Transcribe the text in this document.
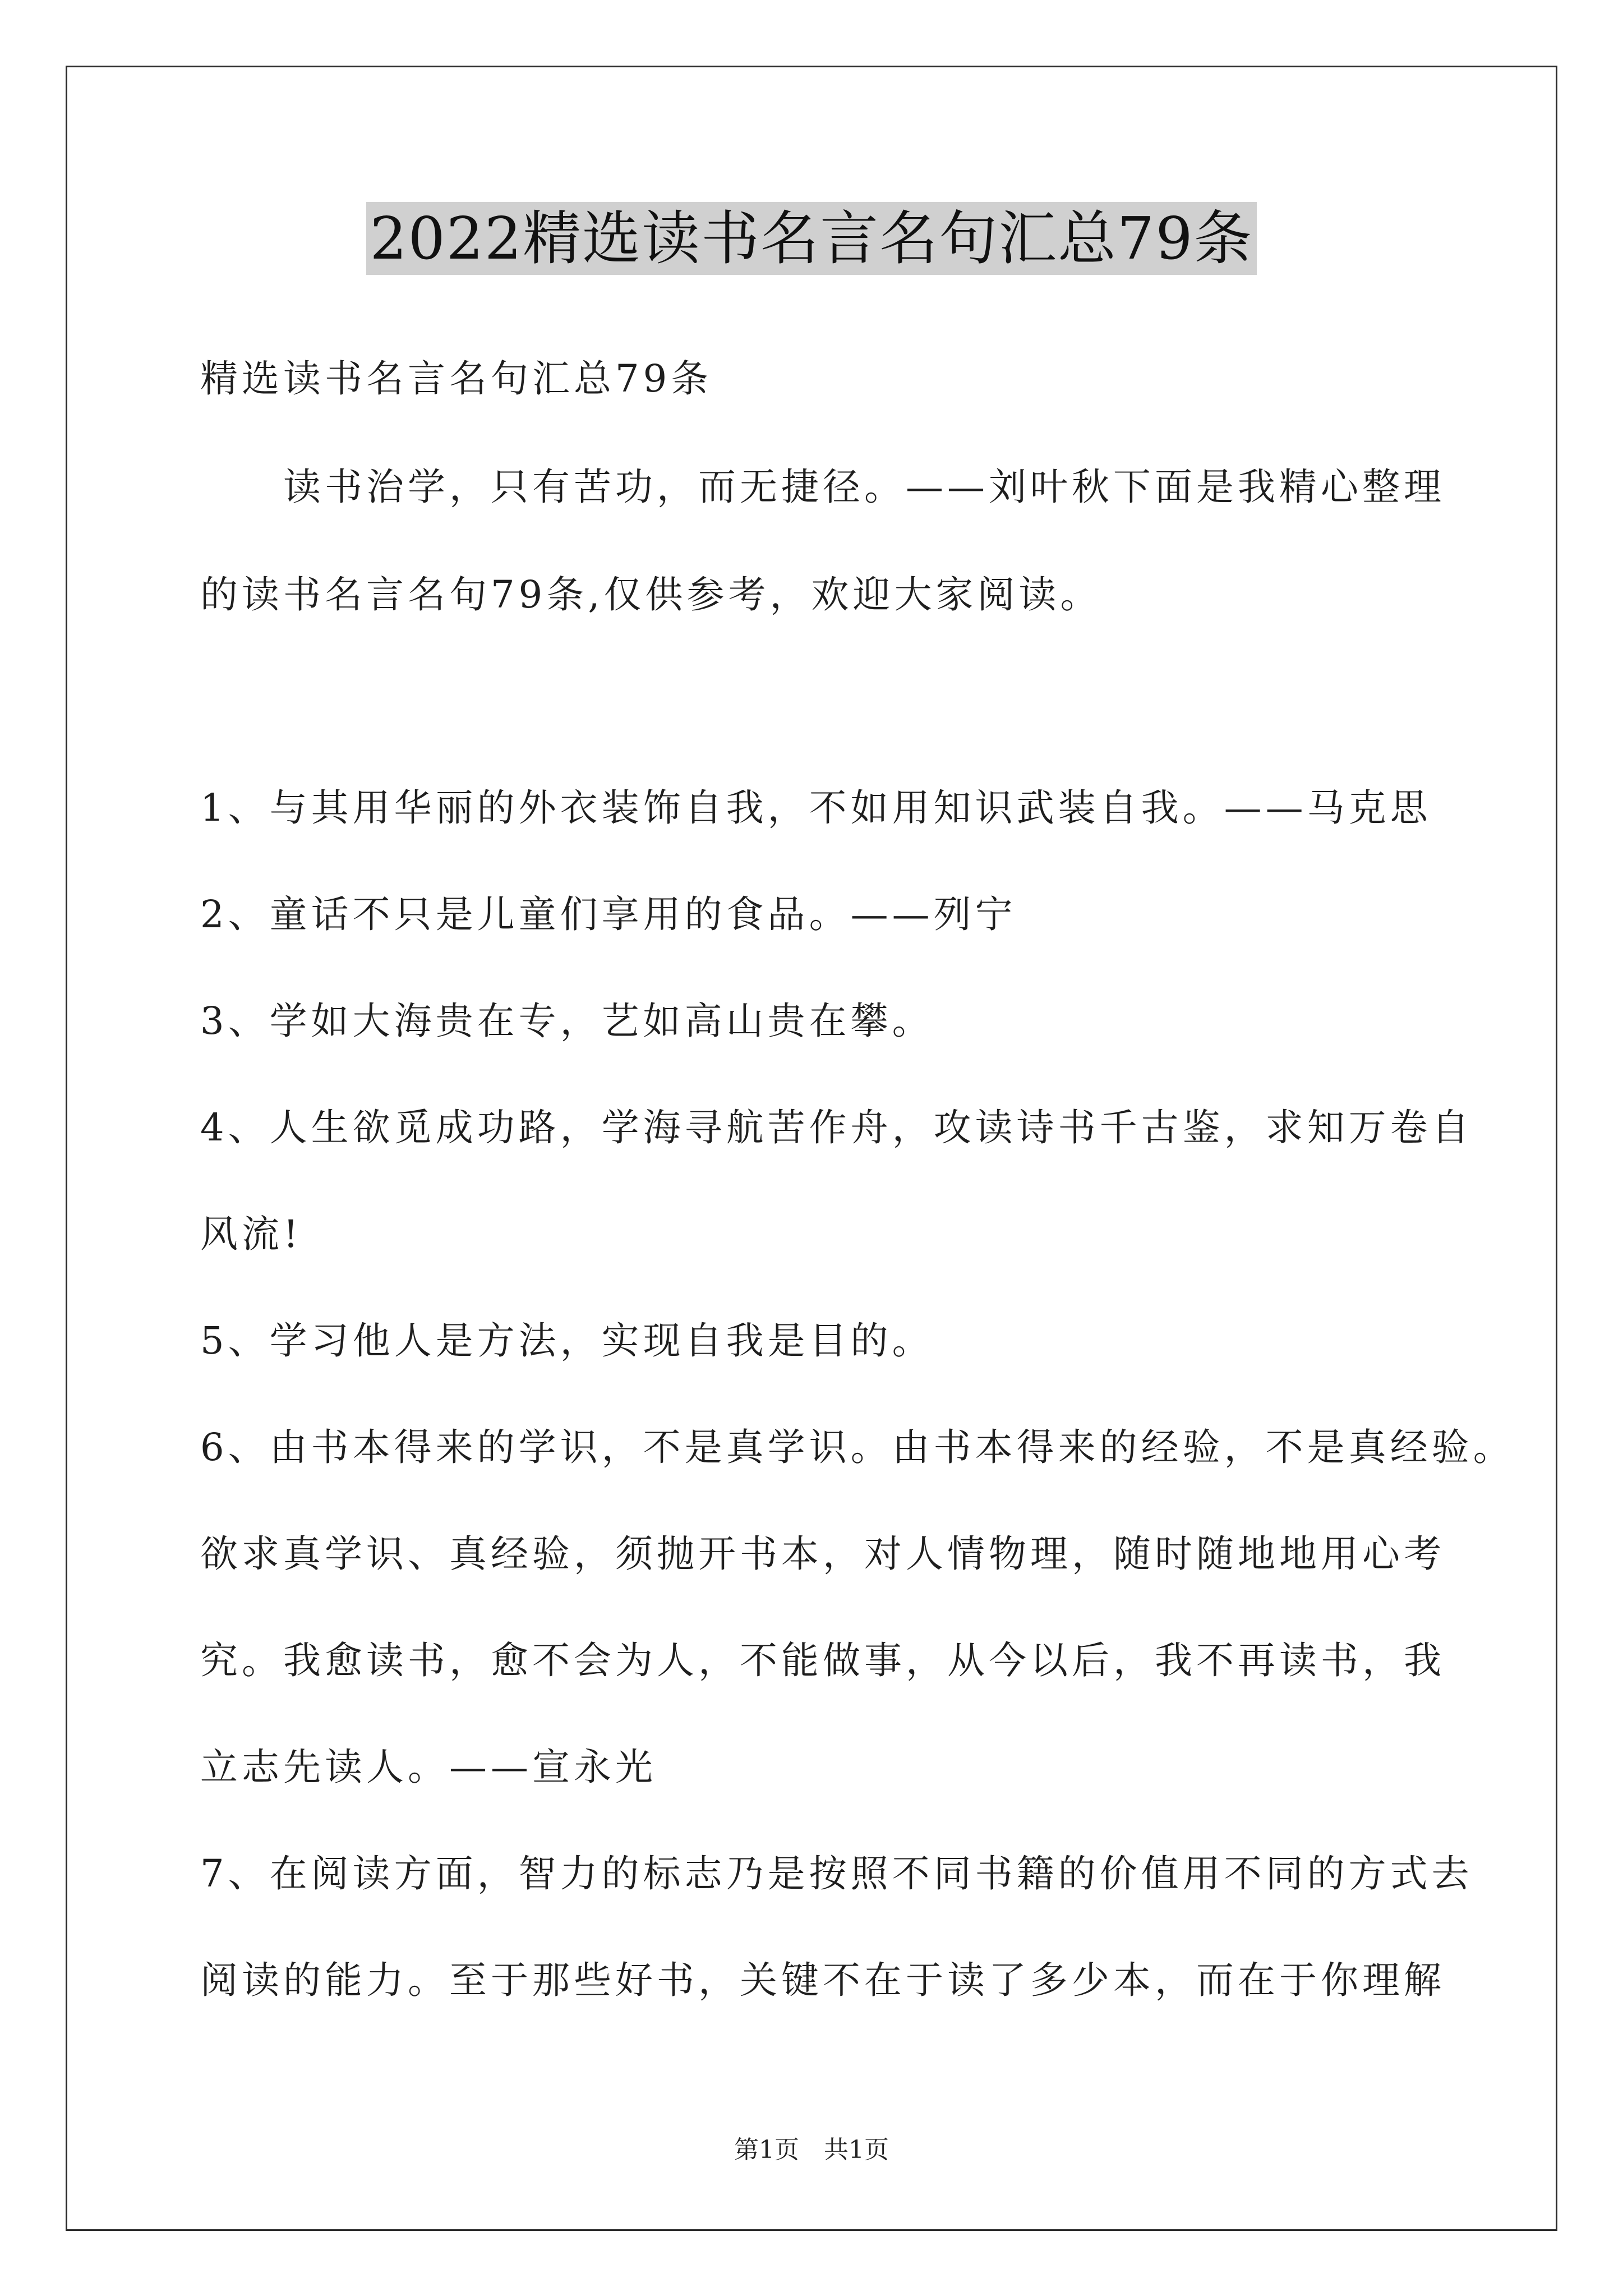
2022精选读书名言名句汇总79条
精选读书名言名句汇总79条
　　读书治学，只有苦功，而无捷径。——刘叶秋下面是我精心整理
的读书名言名句79条,仅供参考，欢迎大家阅读。
1、与其用华丽的外衣装饰自我，不如用知识武装自我。——马克思
2、童话不只是儿童们享用的食品。——列宁
3、学如大海贵在专，艺如高山贵在攀。
4、人生欲觅成功路，学海寻航苦作舟，攻读诗书千古鉴，求知万卷自
风流!
5、学习他人是方法，实现自我是目的。
6、由书本得来的学识，不是真学识。由书本得来的经验，不是真经验。
欲求真学识、真经验，须抛开书本，对人情物理，随时随地地用心考
究。我愈读书，愈不会为人，不能做事，从今以后，我不再读书，我
立志先读人。——宣永光
7、在阅读方面，智力的标志乃是按照不同书籍的价值用不同的方式去
阅读的能力。至于那些好书，关键不在于读了多少本，而在于你理解
第1页　共1页
